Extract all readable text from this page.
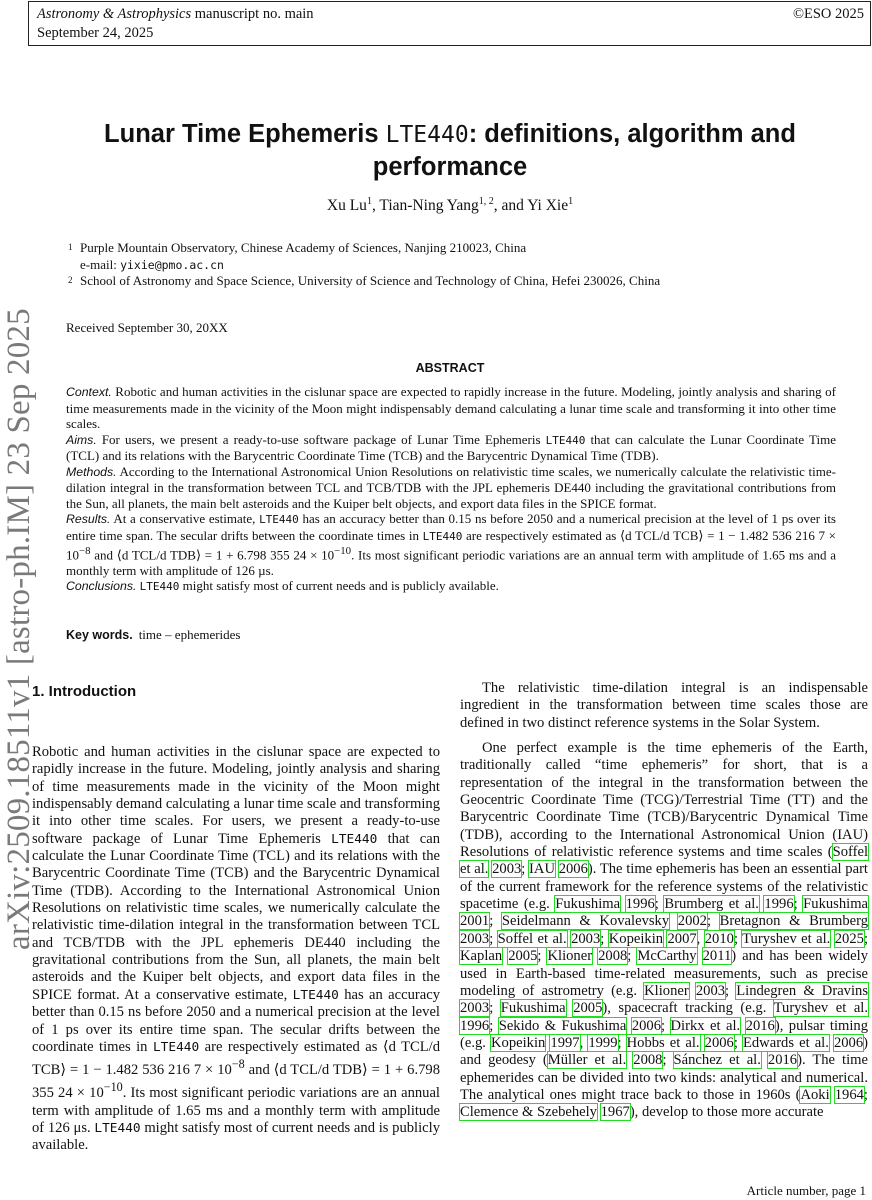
Astronomy & Astrophysics manuscript no. main
September 24, 2025
©ESO 2025
arXiv:2509.18511v1 [astro-ph.IM] 23 Sep 2025
Lunar Time Ephemeris LTE440: definitions, algorithm and performance
Xu Lu$^1$, Tian-Ning Yang$^{1, 2}$, and Yi Xie$^1$
1 Purple Mountain Observatory, Chinese Academy of Sciences, Nanjing 210023, China
e-mail: yixie@pmo.ac.cn
2 School of Astronomy and Space Science, University of Science and Technology of China, Hefei 230026, China
Received September 30, 20XX
ABSTRACT

Context. Robotic and human activities in the cislunar space are expected to rapidly increase in the future. Modeling, jointly analysis and sharing of time measurements made in the vicinity of the Moon might indispensably demand calculating a lunar time scale and transforming it into other time scales.

Aims. For users, we present a ready-to-use software package of Lunar Time Ephemeris LTE440 that can calculate the Lunar Coordinate Time (TCL) and its relations with the Barycentric Coordinate Time (TCB) and the Barycentric Dynamical Time (TDB).

Methods. According to the International Astronomical Union Resolutions on relativistic time scales, we numerically calculate the relativistic time-dilation integral in the transformation between TCL and TCB/TDB with the JPL ephemeris DE440 including the gravitational contributions from the Sun, all planets, the main belt asteroids and the Kuiper belt objects, and export data files in the SPICE format.

Results. At a conservative estimate, LTE440 has an accuracy better than 0.15 ns before 2050 and a numerical precision at the level of 1 ps over its entire time span. The secular drifts between the coordinate times in LTE440 are respectively estimated as ⟨d TCL/d TCB⟩ = 1 − 1.482 536 216 $7 \times 10^{-8}$ and ⟨d TCL/d TDB⟩ = 1 + 6.798 355 $24 \times 10^{-10}$. Its most significant periodic variations are an annual term with amplitude of 1.65 ms and a monthly term with amplitude of 126 µs.

Conclusions. LTE440 might satisfy most of current needs and is publicly available.

Key words. time – ephemerides
1. Introduction

Robotic and human activities in the cislunar space are expected to rapidly increase in the future. Modeling, jointly analysis and sharing of time measurements made in the vicinity of the Moon might indispensably demand calculating a lunar time scale and transforming it into other time scales. For users, we present a ready-to-use software package of Lunar Time Ephemeris LTE440 that can calculate the Lunar Coordinate Time (TCL) and its relations with the Barycentric Coordinate Time (TCB) and the Barycentric Dynamical Time (TDB). According to the International Astronomical Union Resolutions on relativistic time scales, we numerically calculate the relativistic time-dilation integral in the transformation between TCL and TCB/TDB with the JPL ephemeris DE440 including the gravitational contributions from the Sun, all planets, the main belt asteroids and the Kuiper belt objects, and export data files in the SPICE format. At a conservative estimate, LTE440 has an accuracy better than 0.15 ns before 2050 and a numerical precision at the level of 1 ps over its entire time span. The secular drifts between the coordinate times in LTE440 are respectively estimated as ⟨d TCL/d TCB⟩ = 1 − 1.482 536 216 $7 \times 10^{-8}$ and ⟨d TCL/d TDB⟩ = 1 + 6.798 355 $24 \times 10^{-10}$. Its most significant periodic variations are an annual term with amplitude of 1.65 ms and a monthly term with amplitude of 126 μs. LTE440 might satisfy most of current needs and is publicly available.

The relativistic time-dilation integral is an indispensable ingredient in the transformation between time scales those are defined in two distinct reference systems in the Solar System.

One perfect example is the time ephemeris of the Earth, traditionally called “time ephemeris” for short, that is a representation of the integral in the transformation between the Geocentric Coordinate Time (TCG)/Terrestrial Time (TT) and the Barycentric Coordinate Time (TCB)/Barycentric Dynamical Time (TDB), according to the International Astronomical Union (IAU) Resolutions of relativistic reference systems and time scales (Soffel et al. 2003; IAU 2006). The time ephemeris has been an essential part of the current framework for the reference systems of the relativistic spacetime (e.g. Fukushima 1996; Brumberg et al. 1996; Fukushima 2001; Seidelmann & Kovalevsky 2002; Bretagnon & Brumberg 2003; Soffel et al. 2003; Kopeikin 2007, 2010; Turyshev et al. 2025; Kaplan 2005; Klioner 2008; McCarthy 2011) and has been widely used in Earth-based time-related measurements, such as precise modeling of astrometry (e.g. Klioner 2003; Lindegren & Dravins 2003; Fukushima 2005), spacecraft tracking (e.g. Turyshev et al. 1996; Sekido & Fukushima 2006; Dirkx et al. 2016), pulsar timing (e.g. Kopeikin 1997, 1999; Hobbs et al. 2006; Edwards et al. 2006) and geodesy (Müller et al. 2008; Sánchez et al. 2016). The time ephemerides can be divided into two kinds: analytical and numerical. The analytical ones might trace back to those in 1960s (Aoki 1964; Clemence & Szebehely 1967), develop to those more accurate

Article number, page 1
